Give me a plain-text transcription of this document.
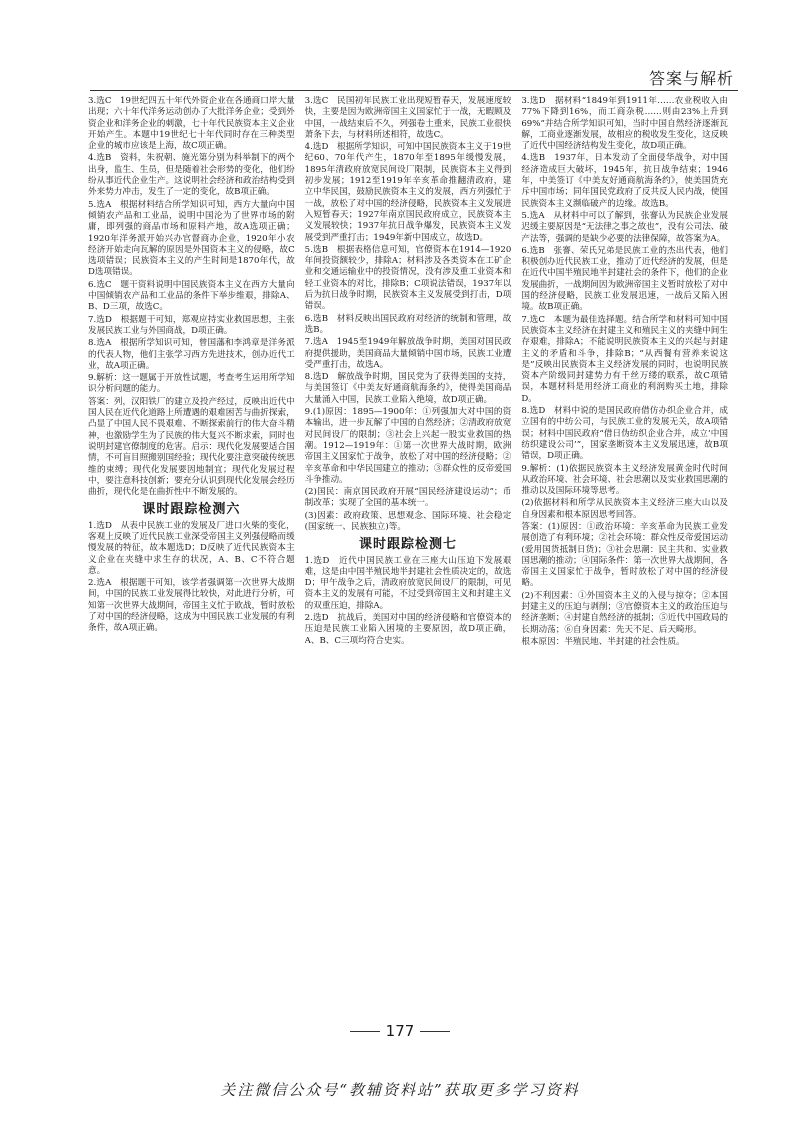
答案与解析

3.选C　19世纪四五十年代外资企业在各通商口岸大量出现；六十年代洋务运动创办了大批洋务企业；受到外资企业和洋务企业的刺激，七十年代民族资本主义企业开始产生。本题中19世纪七十年代同时存在三种类型企业的城市应该是上海，故C项正确。

4.选B　资料，朱祝朝、施光第分别为科举制下的两个出身，监生、生员，但是随着社会形势的变化，他们纷纷从事近代企业生产。这说明社会经济和政治结构受到外来势力冲击，发生了一定的变化，故B项正确。

5.选A　根据材料结合所学知识可知，西方大量向中国倾销农产品和工业品，说明中国沦为了世界市场的附庸，即列强的商品市场和原料产地，故A选项正确；1920年洋务派开始兴办官督商办企业，1920年小农经济开始走向瓦解的原因是外国资本主义的侵略，故C选项错误；民族资本主义的产生时间是1870年代，故D选项错误。

6.选C　题干资料说明中国民族资本主义在西方大量向中国倾销农产品和工业品的条件下举步维艰，排除A、B、D三项，故选C。

7.选D　根据题干可知，郑观应持实业救国思想，主张发展民族工业与外国商战，D项正确。

8.选A　根据所学知识可知，曾国藩和李鸿章是洋务派的代表人物，他们主张学习西方先进技术，创办近代工业，故A项正确。

9.解析：这一题属于开放性试题，考查考生运用所学知识分析问题的能力。

答案：列，汉阳铁厂的建立及投产经过，反映出近代中国人民在近代化道路上所遭遇的艰难困苦与曲折探索，凸显了中国人民不畏艰难、不断探索前行的伟大奋斗精神，也激励学生为了民族的伟大复兴不断求索，同时也说明封建官僚制度的危害。启示：现代化发展要适合国情，不可盲目照搬别国经验；现代化要注意突破传统思维的束缚；现代化发展要因地制宜；现代化发展过程中，要注意科技创新；要充分认识到现代化发展会经历曲折，现代化是在曲折性中不断发展的。

课时跟踪检测六

1.选D　从表中民族工业的发展及厂进口火柴的变化，客观上反映了近代民族工业深受帝国主义列强侵略而缓慢发展的特征，故本题选D；D反映了近代民族资本主义企业在夹缝中求生存的状况，A、B、C不符合题意。

2.选A　根据题干可知，该学者强调第一次世界大战期间，中国的民族工业发展得比较快，对此进行分析，可知第一次世界大战期间，帝国主义忙于欧战，暂时放松了对中国的经济侵略，这成为中国民族工业发展的有利条件，故A项正确。

3.选C　民国初年民族工业出现短暂春天，发展速度较快，主要是因为欧洲帝国主义国家忙于一战，无暇顾及中国，一战结束后不久，列强卷土重来，民族工业很快萧条下去，与材料所述相符，故选C。

4.选D　根据所学知识，可知中国民族资本主义于19世纪60、70年代产生，1870年至1895年缓慢发展，1895年清政府放宽民间设厂限制，民族资本主义得到初步发展；1912至1919年辛亥革命推翻清政府，建立中华民国，鼓励民族资本主义的发展，西方列强忙于一战，放松了对中国的经济侵略，民族资本主义发展进入短暂春天；1927年南京国民政府成立，民族资本主义发展较快；1937年抗日战争爆发，民族资本主义发展受到严重打击；1949年新中国成立，故选D。

5.选B　根据表格信息可知，官僚资本在1914—1920年间投资额较少，排除A；材料涉及各类资本在工矿企业和交通运输业中的投资情况，没有涉及重工业资本和轻工业资本的对比，排除B；C项说法错误，1937年以后为抗日战争时期，民族资本主义发展受到打击，D项错误。

6.选B　材料反映出国民政府对经济的统制和管理，故选B。

7.选A　1945至1949年解放战争时期，美国对国民政府提供援助，美国商品大量倾销中国市场，民族工业遭受严重打击，故选A。

8.选D　解放战争时期，国民党为了获得美国的支持，与美国签订《中美友好通商航海条约》，使得美国商品大量涌入中国，民族工业陷入绝境，故D项正确。

9.(1)原因：1895—1900年：①列强加大对中国的资本输出，进一步瓦解了中国的自然经济；②清政府放宽对民间设厂的限制；③社会上兴起一股实业救国的热潮。1912—1919年：①第一次世界大战时期，欧洲帝国主义国家忙于战争，放松了对中国的经济侵略；②辛亥革命和中华民国建立的推动；③群众性的反帝爱国斗争推动。

(2)国民：南京国民政府开展“国民经济建设运动”；币制改革；实现了全国的基本统一。

(3)因素：政府政策、思想观念、国际环境、社会稳定(国家统一、民族独立)等。

课时跟踪检测七

1.选D　近代中国民族工业在三座大山压迫下发展艰难，这是由中国半殖民地半封建社会性质决定的，故选D；甲午战争之后，清政府放宽民间设厂的限制，可见资本主义的发展有可能，不过受到帝国主义和封建主义的双重压迫，排除A。

2.选D　抗战后，美国对中国的经济侵略和官僚资本的压迫是民族工业陷入困境的主要原因，故D项正确，A、B、C三项均符合史实。

3.选D　据材料“1849年到1911年……农业税收入由77%下降到16%，而工商杂税……则由23%上升到69%”并结合所学知识可知，当时中国自然经济逐渐瓦解，工商业逐渐发展，故相应的税收发生变化，这反映了近代中国经济结构发生变化，故D项正确。

4.选B　1937年，日本发动了全面侵华战争，对中国经济造成巨大破坏，1945年，抗日战争结束；1946年，中美签订《中美友好通商航海条约》，使美国货充斥中国市场；同年国民党政府了反共反人民内战，使国民族资本主义濒临破产的边缘。故选B。

5.选A　从材料中可以了解到，张謇认为民族企业发展迟缓主要原因是“无法律之事之故也”，没有公司法、破产法等，强调的是缺少必要的法律保障，故答案为A。

6.选B　张謇、荣氏兄弟是民族工业的杰出代表，他们积极创办近代民族工业，推动了近代经济的发展，但是在近代中国半殖民地半封建社会的条件下，他们的企业发展曲折，一战期间因为欧洲帝国主义暂时放松了对中国的经济侵略，民族工业发展迅速，一战后又陷入困境。故B项正确。

7.选C　本题为最佳选择题。结合所学和材料可知中国民族资本主义经济在封建主义和殖民主义的夹缝中间生存艰难，排除A；不能说明民族资本主义的兴起与封建主义的矛盾和斗争，排除B；“从西餐有营养来说这是”反映出民族资本主义经济发展的同时，也说明民族资本产阶级同封建势力有千丝万缕的联系，故C项错误，本题材料是用经济工商业的利润购买土地，排除D。

8.选D　材料中说的是国民政府借仿办织企业合并，成立国有的中纺公司，与民族工业的发展无关，故A项错误；材料中国民政府“借日伪纺织企业合并，成立‘中国纺织建设公司’”，国家垄断资本主义发展迅速，故B项错误，D项正确。

9.解析：(1)依据民族资本主义经济发展黄金时代时间从政治环境、社会环境、社会思潮以及实业救国思潮的推动以及国际环境等思考。

(2)依据材料和所学从民族资本主义经济三座大山以及自身因素和根本原因思考回答。

答案：(1)原因：①政治环境：辛亥革命为民族工业发展创造了有利环境；②社会环境：群众性反帝爱国运动(爱用国货抵制日货)；③社会思潮：民主共和、实业救国思潮的推动；④国际条件：第一次世界大战期间，各帝国主义国家忙于战争，暂时放松了对中国的经济侵略。

(2)不利因素：①外国资本主义的入侵与掠夺；②本国封建主义的压迫与剥削；③官僚资本主义的政治压迫与经济垄断；④封建自然经济的抵制；⑤近代中国政局的长期动荡；⑥自身因素：先天不足、后天畸形。

根本原因：半殖民地、半封建的社会性质。

177
关注微信公众号“教辅资料站”获取更多学习资料
